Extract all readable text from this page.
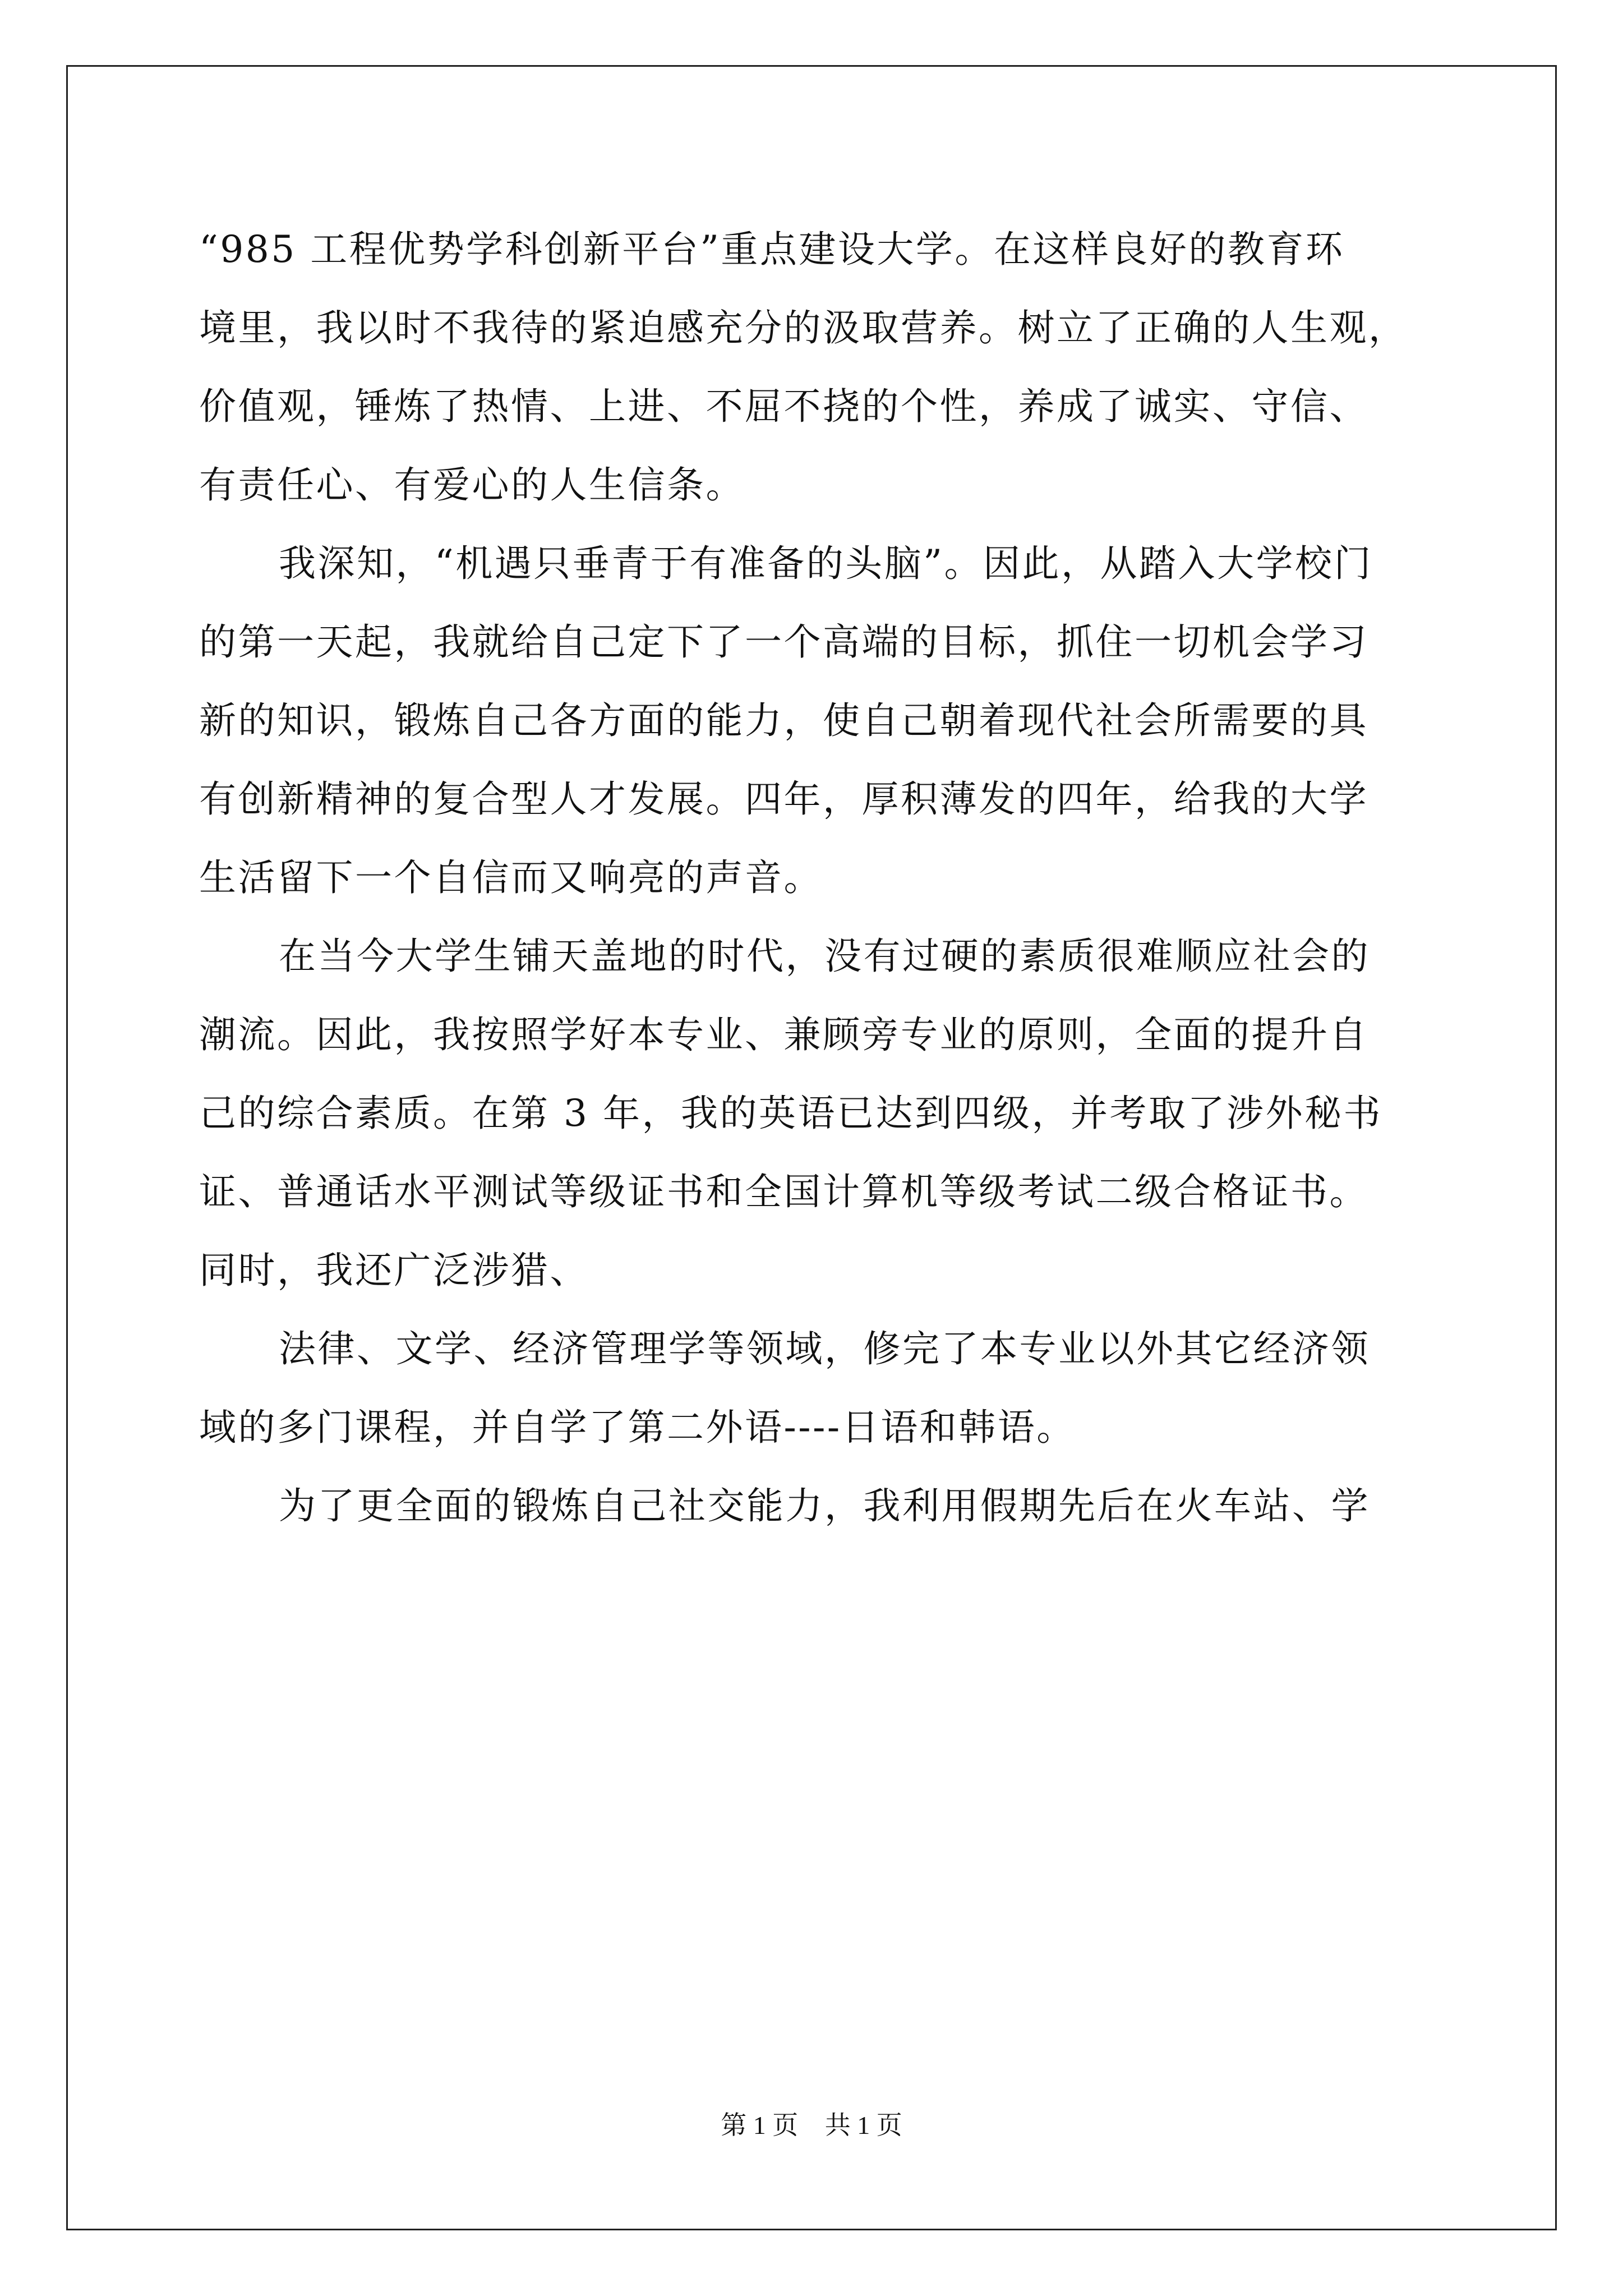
“985 工程优势学科创新平台”重点建设大学。在这样良好的教育环
境里，我以时不我待的紧迫感充分的汲取营养。树立了正确的人生观，
价值观，锤炼了热情、上进、不屈不挠的个性，养成了诚实、守信、
有责任心、有爱心的人生信条。
我深知，“机遇只垂青于有准备的头脑”。因此，从踏入大学校门
的第一天起，我就给自己定下了一个高端的目标，抓住一切机会学习
新的知识，锻炼自己各方面的能力，使自己朝着现代社会所需要的具
有创新精神的复合型人才发展。四年，厚积薄发的四年，给我的大学
生活留下一个自信而又响亮的声音。
在当今大学生铺天盖地的时代，没有过硬的素质很难顺应社会的
潮流。因此，我按照学好本专业、兼顾旁专业的原则，全面的提升自
己的综合素质。在第 3 年，我的英语已达到四级，并考取了涉外秘书
证、普通话水平测试等级证书和全国计算机等级考试二级合格证书。
同时，我还广泛涉猎、
法律、文学、经济管理学等领域，修完了本专业以外其它经济领
域的多门课程，并自学了第二外语----日语和韩语。
为了更全面的锻炼自己社交能力，我利用假期先后在火车站、学
第 1 页 共 1 页
